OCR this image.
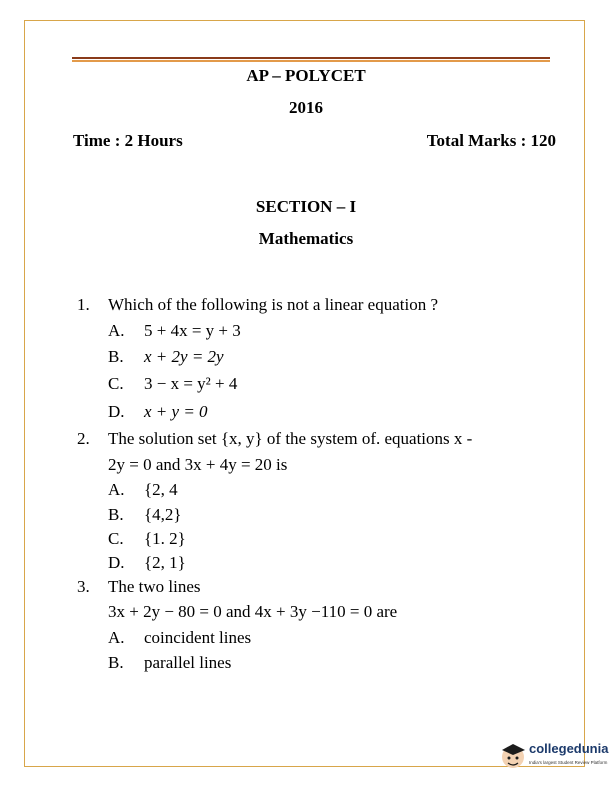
AP – POLYCET
2016
Time : 2 Hours	Total Marks : 120
SECTION – I
Mathematics
1. Which of the following is not a linear equation ?
A. 5 + 4x = y + 3
B. x + 2y = 2y
C. 3 − x = y² + 4
D. x + y = 0
2. The solution set {x, y} of the system of. equations x -
2y = 0 and 3x + 4y = 20 is
A. {2, 4
B. {4,2}
C. {1. 2}
D. {2, 1}
3. The two lines
3x + 2y − 80 = 0 and 4x + 3y −110 = 0 are
A. coincident lines
B. parallel lines
collegedunia
India's largest Student Review Platform
